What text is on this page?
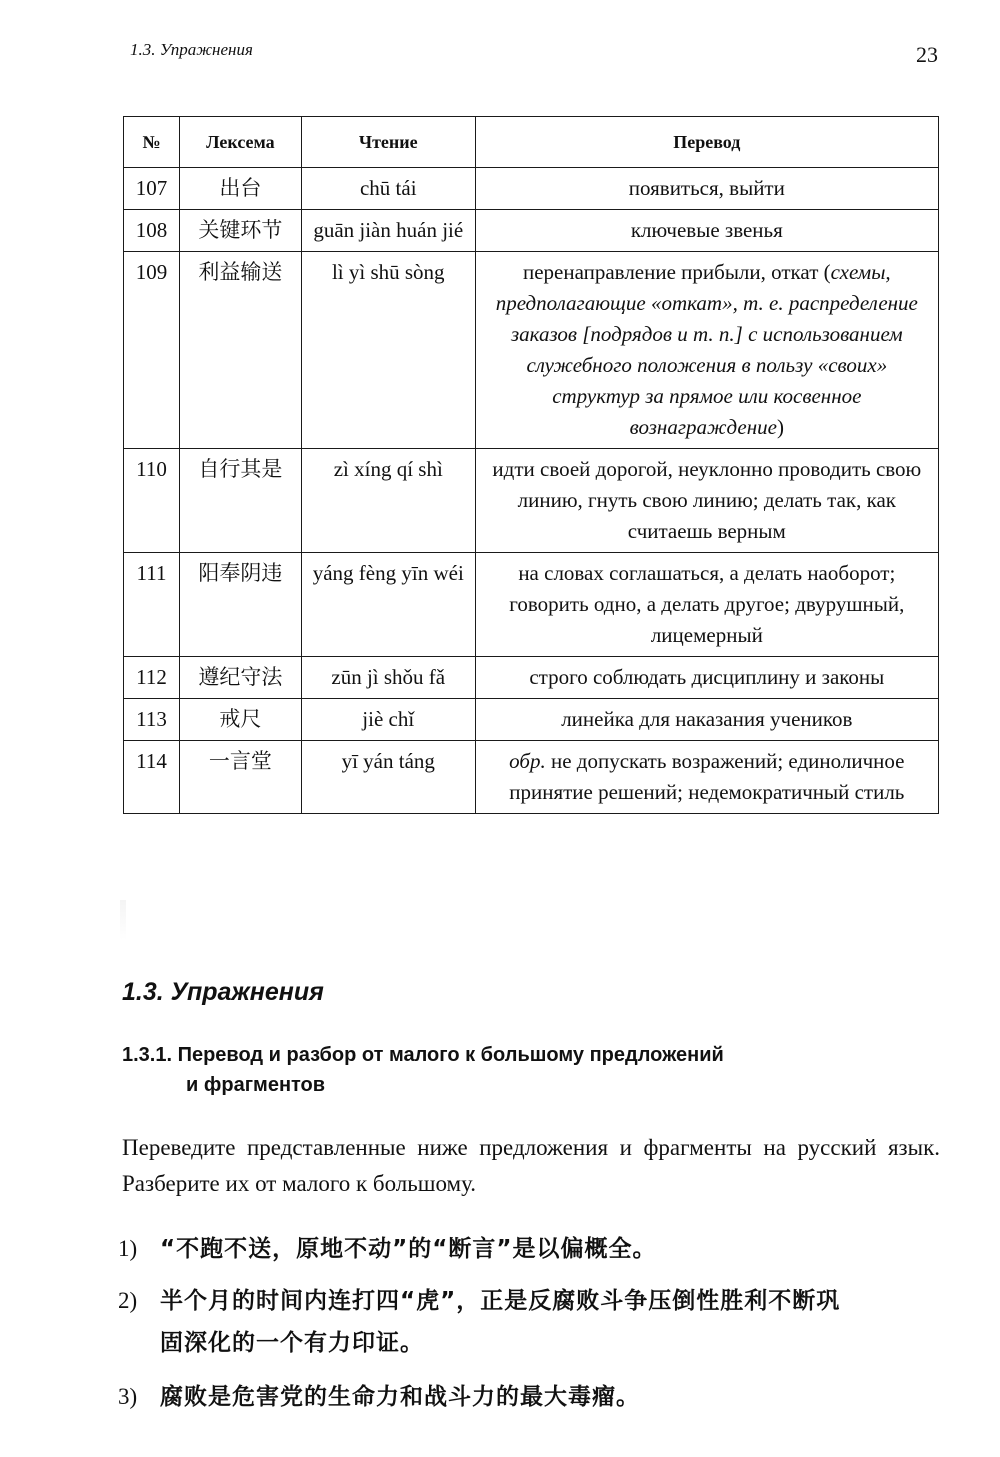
1.3. Упражнения	23
№	Лексема	Чтение	Перевод
107	出台	chū tái	появиться, выйти
108	关键环节	guān jiàn huán jié	ключевые звенья
109	利益输送	lì yì shū sòng	перенаправление прибыли, откат (схемы, предполагающие «откат», т. е. распределение заказов [подрядов и т. п.] с использованием служебного положения в пользу «своих» структур за прямое или косвенное вознаграждение)
110	自行其是	zì xíng qí shì	идти своей дорогой, неуклонно проводить свою линию, гнуть свою линию; делать так, как считаешь верным
111	阳奉阴违	yáng fèng yīn wéi	на словах соглашаться, а делать наоборот; говорить одно, а делать другое; двурушный, лицемерный
112	遵纪守法	zūn jì shǒu fǎ	строго соблюдать дисциплину и законы
113	戒尺	jiè chǐ	линейка для наказания учеников
114	一言堂	yī yán táng	обр. не допускать возражений; единоличное принятие решений; недемократичный стиль
1.3. Упражнения
1.3.1. Перевод и разбор от малого к большому предложений
и фрагментов
Переведите представленные ниже предложения и фрагменты на русский язык. Разберите их от малого к большому.
1) “不跑不送，原地不动”的“断言”是以偏概全。
2) 半个月的时间内连打四“虎”，正是反腐败斗争压倒性胜利不断巩
固深化的一个有力印证。
3) 腐败是危害党的生命力和战斗力的最大毒瘤。
